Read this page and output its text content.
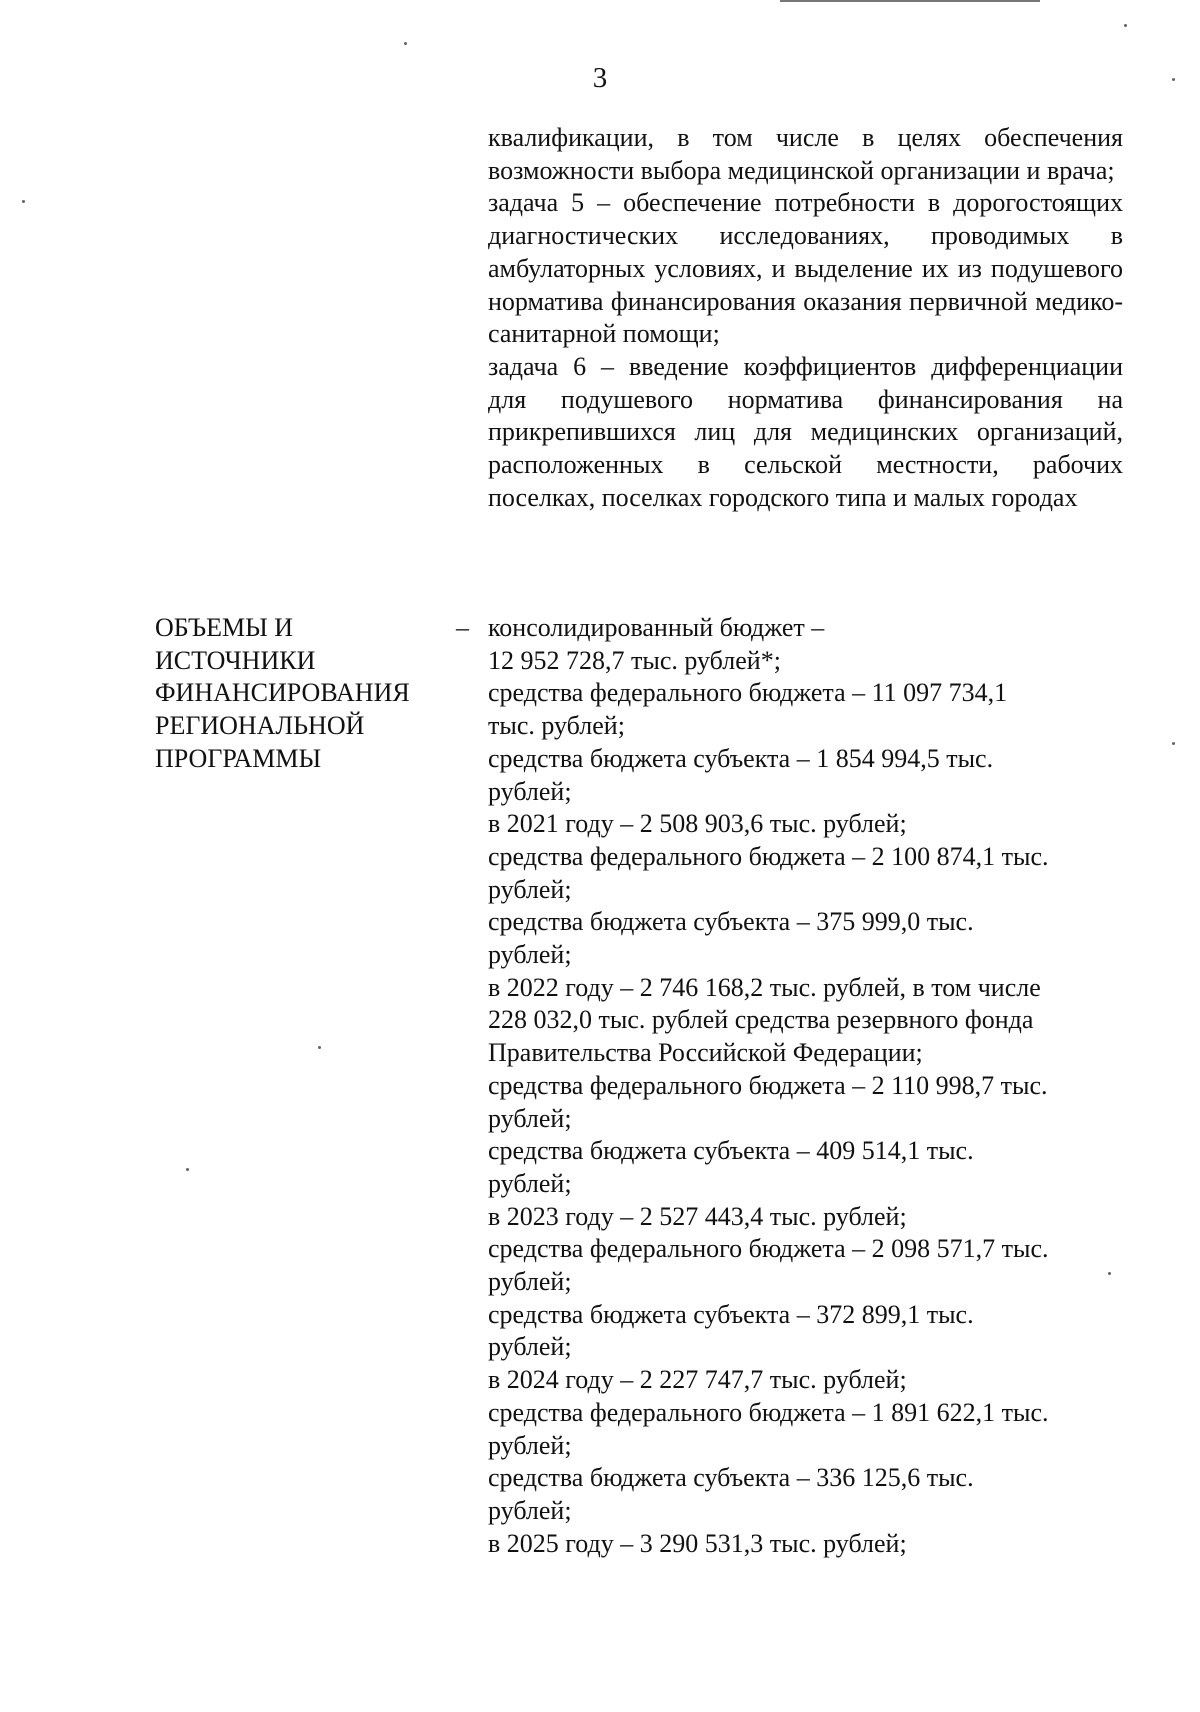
3

квалификации, в том числе в целях обеспечения возможности выбора медицинской организации и врача;

задача 5 – обеспечение потребности в дорогостоящих диагностических исследованиях, проводимых в амбулаторных условиях, и выделение их из подушевого норматива финансирования оказания первичной медико-санитарной помощи;

задача 6 – введение коэффициентов дифференциации для подушевого норматива финансирования на прикрепившихся лиц для медицинских организаций, расположенных в сельской местности, рабочих поселках, поселках городского типа и малых городах

ОБЪЕМЫ И
ИСТОЧНИКИ
ФИНАНСИРОВАНИЯ
РЕГИОНАЛЬНОЙ
ПРОГРАММЫ
– консолидированный бюджет –
12 952 728,7 тыс. рублей*;
средства федерального бюджета – 11 097 734,1
тыс. рублей;
средства бюджета субъекта – 1 854 994,5 тыс.
рублей;
в 2021 году – 2 508 903,6 тыс. рублей;
средства федерального бюджета – 2 100 874,1 тыс.
рублей;
средства бюджета субъекта – 375 999,0 тыс.
рублей;
в 2022 году – 2 746 168,2 тыс. рублей, в том числе
228 032,0 тыс. рублей средства резервного фонда
Правительства Российской Федерации;
средства федерального бюджета – 2 110 998,7 тыс.
рублей;
средства бюджета субъекта – 409 514,1 тыс.
рублей;
в 2023 году – 2 527 443,4 тыс. рублей;
средства федерального бюджета – 2 098 571,7 тыс.
рублей;
средства бюджета субъекта – 372 899,1 тыс.
рублей;
в 2024 году – 2 227 747,7 тыс. рублей;
средства федерального бюджета – 1 891 622,1 тыс.
рублей;
средства бюджета субъекта – 336 125,6 тыс.
рублей;
в 2025 году – 3 290 531,3 тыс. рублей;
